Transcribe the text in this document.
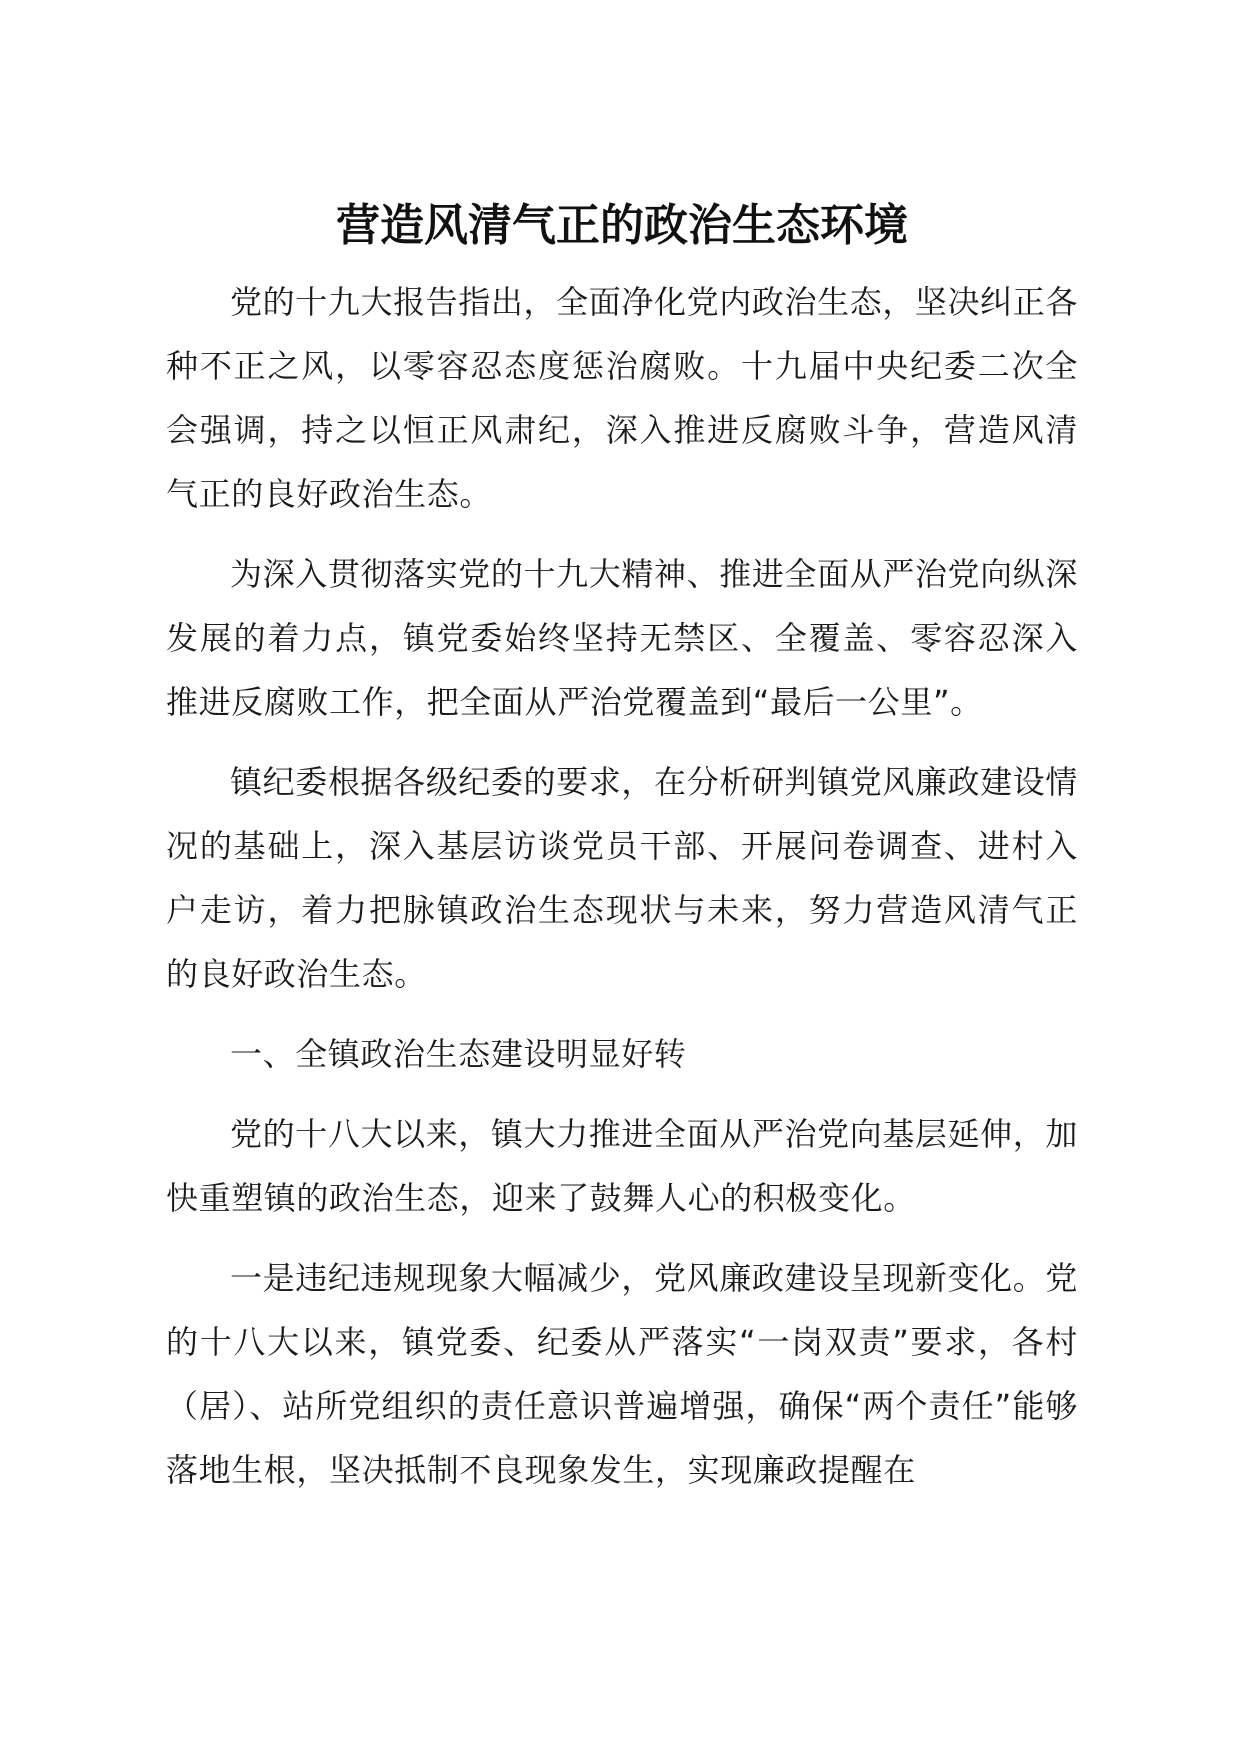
营造风清气正的政治生态环境

党的十九大报告指出，全面净化党内政治生态，坚决纠正各种不正之风，以零容忍态度惩治腐败。十九届中央纪委二次全会强调，持之以恒正风肃纪，深入推进反腐败斗争，营造风清气正的良好政治生态。

为深入贯彻落实党的十九大精神、推进全面从严治党向纵深发展的着力点，镇党委始终坚持无禁区、全覆盖、零容忍深入推进反腐败工作，把全面从严治党覆盖到“最后一公里”。

镇纪委根据各级纪委的要求，在分析研判镇党风廉政建设情况的基础上，深入基层访谈党员干部、开展问卷调查、进村入户走访，着力把脉镇政治生态现状与未来，努力营造风清气正的良好政治生态。

一、全镇政治生态建设明显好转

党的十八大以来，镇大力推进全面从严治党向基层延伸，加快重塑镇的政治生态，迎来了鼓舞人心的积极变化。

一是违纪违规现象大幅减少，党风廉政建设呈现新变化。党的十八大以来，镇党委、纪委从严落实“一岗双责”要求，各村（居）、站所党组织的责任意识普遍增强，确保“两个责任”能够落地生根，坚决抵制不良现象发生，实现廉政提醒在
